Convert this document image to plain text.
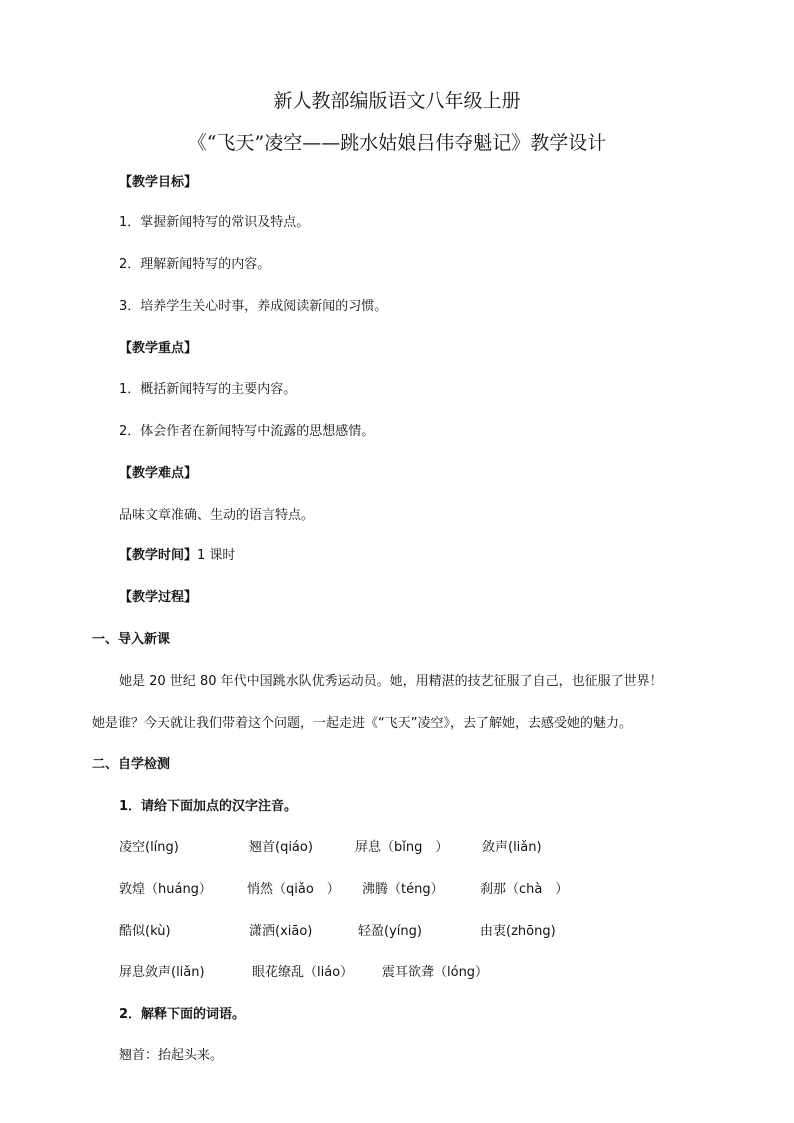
新人教部编版语文八年级上册
《“飞天”凌空——跳水姑娘吕伟夺魁记》教学设计
【教学目标】
1．掌握新闻特写的常识及特点。
2．理解新闻特写的内容。
3．培养学生关心时事，养成阅读新闻的习惯。
【教学重点】
1．概括新闻特写的主要内容。
2．体会作者在新闻特写中流露的思想感情。
【教学难点】
品味文章准确、生动的语言特点。
【教学时间】1 课时
【教学过程】
一、导入新课
她是 20 世纪 80 年代中国跳水队优秀运动员。她，用精湛的技艺征服了自己，也征服了世界！
她是谁？今天就让我们带着这个问题，一起走进《“飞天”凌空》，去了解她，去感受她的魅力。
二、自学检测
1．请给下面加点的汉字注音。
凌空(líng)	翘首(qiáo)	屏息（bǐng　）	敛声(liǎn)
敦煌（huáng）	悄然（qiǎo　） 沸腾（téng）	刹那（chà　）
酷似(kù)	潇洒(xiāo)	轻盈(yíng)	由衷(zhōng)
屏息敛声(liǎn)	眼花缭乱（liáo） 震耳欲聋（lóng）
2．解释下面的词语。
翘首：抬起头来。
